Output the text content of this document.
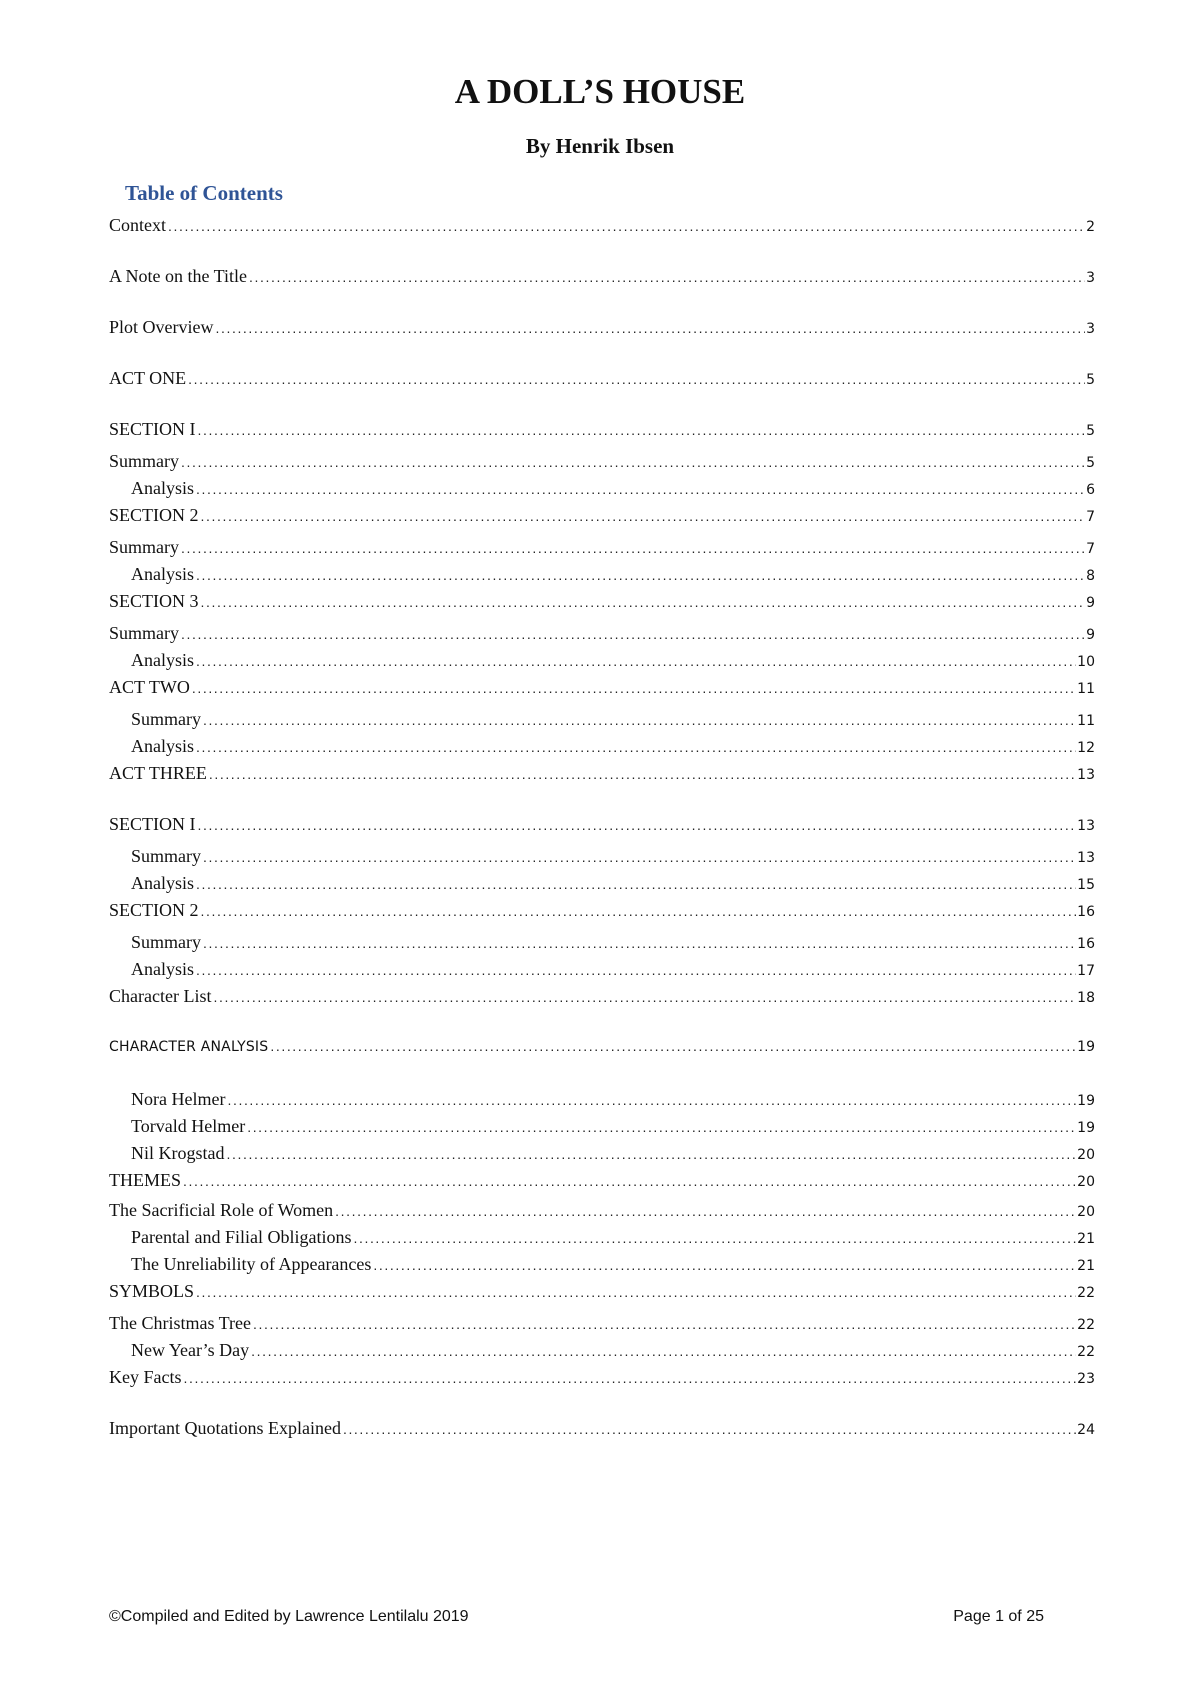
A DOLL’S HOUSE
By Henrik Ibsen
Table of Contents
Context .....	2
A Note on the Title .....	3
Plot Overview .....	3
ACT ONE .....	5
SECTION I .....	5
Summary .....	5
Analysis .....	6
SECTION 2 .....	7
Summary .....	7
Analysis .....	8
SECTION 3 .....	9
Summary .....	9
Analysis .....	10
ACT TWO .....	11
Summary .....	11
Analysis .....	12
ACT THREE .....	13
SECTION I .....	13
Summary .....	13
Analysis .....	15
SECTION 2 .....	16
Summary .....	16
Analysis .....	17
Character List .....	18
CHARACTER ANALYSIS .....	19
Nora Helmer .....	19
Torvald Helmer .....	19
Nil Krogstad .....	20
THEMES .....	20
The Sacrificial Role of Women .....	20
Parental and Filial Obligations .....	21
The Unreliability of Appearances .....	21
SYMBOLS .....	22
The Christmas Tree .....	22
New Year’s Day .....	22
Key Facts .....	23
Important Quotations Explained .....	24
©Compiled and Edited by Lawrence Lentilalu 2019	Page 1 of 25
